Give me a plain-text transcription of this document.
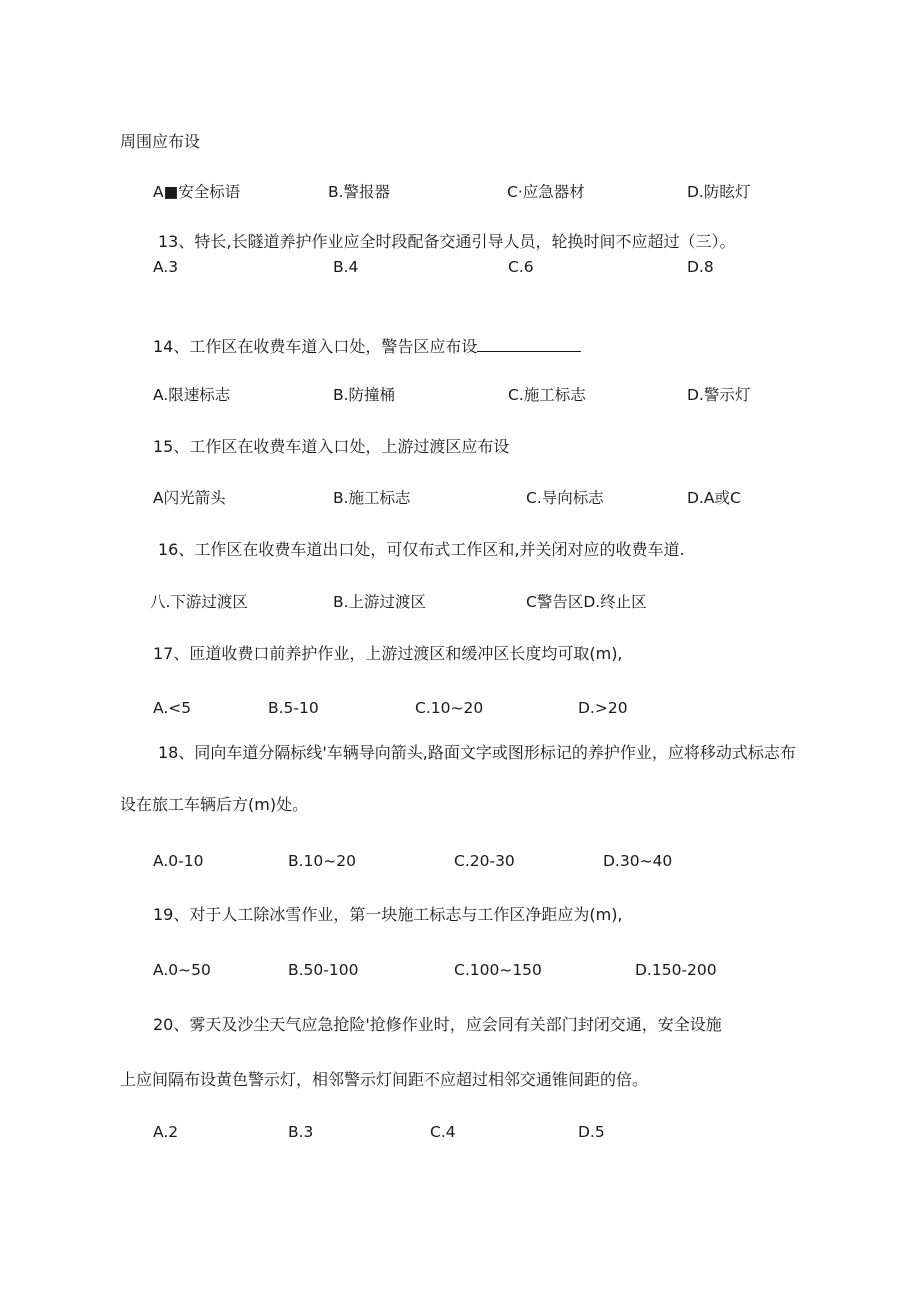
周围应布设
A■安全标语	B.警报器	C·应急器材	D.防眩灯
13、特长,长隧道养护作业应全时段配备交通引导人员，轮换时间不应超过（三）。
A.3	B.4	C.6	D.8
14、工作区在收费车道入口处，警告区应布设
A.限速标志	B.防撞桶	C.施工标志	D.警示灯
15、工作区在收费车道入口处，上游过渡区应布设
A闪光箭头	B.施工标志	C.导向标志	D.A或C
16、工作区在收费车道出口处，可仅布式工作区和,并关闭对应的收费车道.
八.下游过渡区	B.上游过渡区	C警告区D.终止区
17、匝道收费口前养护作业，上游过渡区和缓冲区长度均可取(m),
A.<5	B.5-10	C.10~20	D.>20
18、同向车道分隔标线'车辆导向箭头,路面文字或图形标记的养护作业，应将移动式标志布
设在旅工车辆后方(m)处。
A.0-10	B.10~20	C.20-30	D.30~40
19、对于人工除冰雪作业，第一块施工标志与工作区净距应为(m),
A.0~50	B.50-100	C.100~150	D.150-200
20、雾天及沙尘天气应急抢险'抢修作业时，应会同有关部门封闭交通，安全设施
上应间隔布设黄色警示灯，相邻警示灯间距不应超过相邻交通锥间距的倍。
A.2	B.3	C.4	D.5
